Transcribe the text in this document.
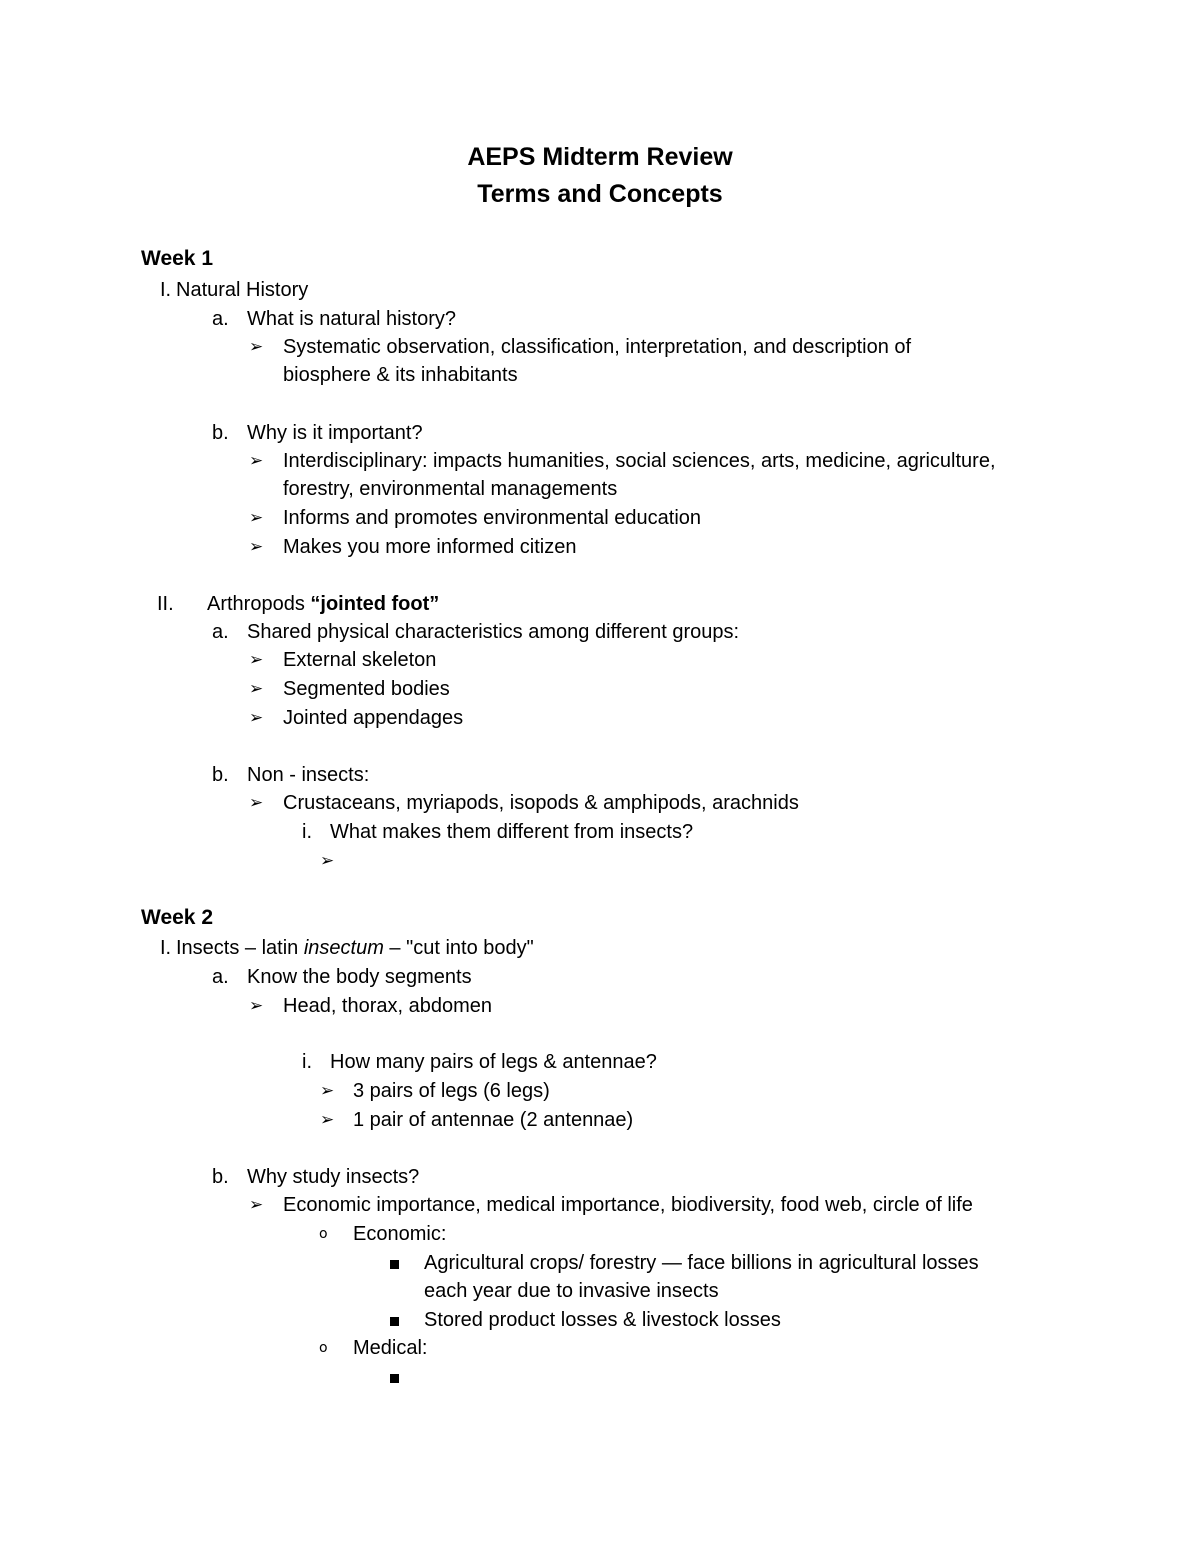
AEPS Midterm Review
Terms and Concepts
Week 1
I. Natural History
a. What is natural history?
➢ Systematic observation, classification, interpretation, and description of
biosphere & its inhabitants
b. Why is it important?
➢ Interdisciplinary: impacts humanities, social sciences, arts, medicine, agriculture,
forestry, environmental managements
➢ Informs and promotes environmental education
➢ Makes you more informed citizen
II. Arthropods “jointed foot”
a. Shared physical characteristics among different groups:
➢ External skeleton
➢ Segmented bodies
➢ Jointed appendages
b. Non - insects:
➢ Crustaceans, myriapods, isopods & amphipods, arachnids
i. What makes them different from insects?
➢
Week 2
I. Insects – latin insectum – "cut into body"
a. Know the body segments
➢ Head, thorax, abdomen
i. How many pairs of legs & antennae?
➢ 3 pairs of legs (6 legs)
➢ 1 pair of antennae (2 antennae)
b. Why study insects?
➢ Economic importance, medical importance, biodiversity, food web, circle of life
o Economic:
Agricultural crops/ forestry — face billions in agricultural losses
each year due to invasive insects
Stored product losses & livestock losses
o Medical:
